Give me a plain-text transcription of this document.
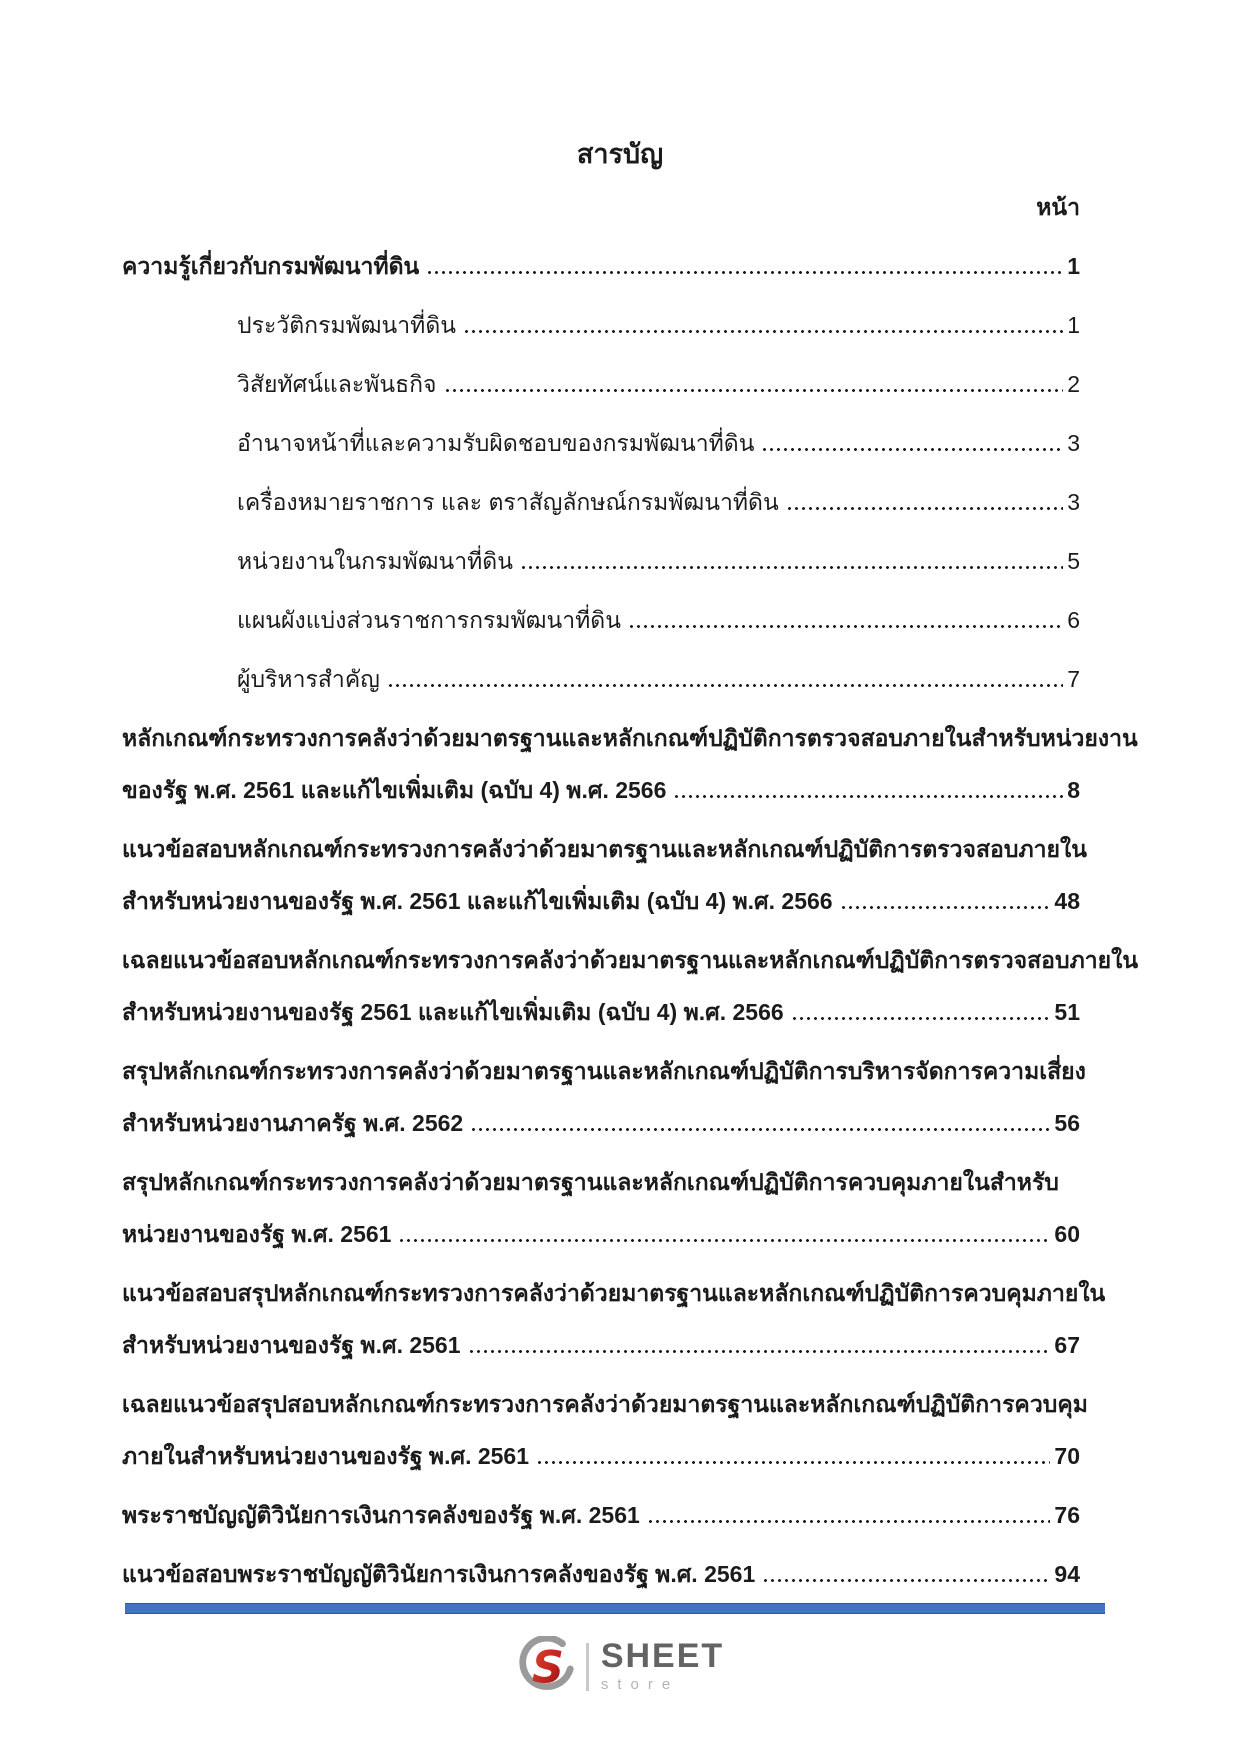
สารบัญ
หน้า
ความรู้เกี่ยวกับกรมพัฒนาที่ดิน	1
ประวัติกรมพัฒนาที่ดิน	1
วิสัยทัศน์และพันธกิจ	2
อำนาจหน้าที่และความรับผิดชอบของกรมพัฒนาที่ดิน	3
เครื่องหมายราชการ และ ตราสัญลักษณ์กรมพัฒนาที่ดิน	3
หน่วยงานในกรมพัฒนาที่ดิน	5
แผนผังแบ่งส่วนราชการกรมพัฒนาที่ดิน	6
ผู้บริหารสำคัญ	7
หลักเกณฑ์กระทรวงการคลังว่าด้วยมาตรฐานและหลักเกณฑ์ปฏิบัติการตรวจสอบภายในสำหรับหน่วยงาน
ของรัฐ พ.ศ. 2561 และแก้ไขเพิ่มเติม (ฉบับ 4) พ.ศ. 2566	8
แนวข้อสอบหลักเกณฑ์กระทรวงการคลังว่าด้วยมาตรฐานและหลักเกณฑ์ปฏิบัติการตรวจสอบภายใน
สำหรับหน่วยงานของรัฐ พ.ศ. 2561 และแก้ไขเพิ่มเติม (ฉบับ 4) พ.ศ. 2566	48
เฉลยแนวข้อสอบหลักเกณฑ์กระทรวงการคลังว่าด้วยมาตรฐานและหลักเกณฑ์ปฏิบัติการตรวจสอบภายใน
สำหรับหน่วยงานของรัฐ 2561 และแก้ไขเพิ่มเติม (ฉบับ 4) พ.ศ. 2566	51
สรุปหลักเกณฑ์กระทรวงการคลังว่าด้วยมาตรฐานและหลักเกณฑ์ปฏิบัติการบริหารจัดการความเสี่ยง
สำหรับหน่วยงานภาครัฐ พ.ศ. 2562	56
สรุปหลักเกณฑ์กระทรวงการคลังว่าด้วยมาตรฐานและหลักเกณฑ์ปฏิบัติการควบคุมภายในสำหรับ
หน่วยงานของรัฐ พ.ศ. 2561	60
แนวข้อสอบสรุปหลักเกณฑ์กระทรวงการคลังว่าด้วยมาตรฐานและหลักเกณฑ์ปฏิบัติการควบคุมภายใน
สำหรับหน่วยงานของรัฐ พ.ศ. 2561	67
เฉลยแนวข้อสรุปสอบหลักเกณฑ์กระทรวงการคลังว่าด้วยมาตรฐานและหลักเกณฑ์ปฏิบัติการควบคุม
ภายในสำหรับหน่วยงานของรัฐ พ.ศ. 2561	70
พระราชบัญญัติวินัยการเงินการคลังของรัฐ พ.ศ. 2561	76
แนวข้อสอบพระราชบัญญัติวินัยการเงินการคลังของรัฐ พ.ศ. 2561	94
S SHEET
store
